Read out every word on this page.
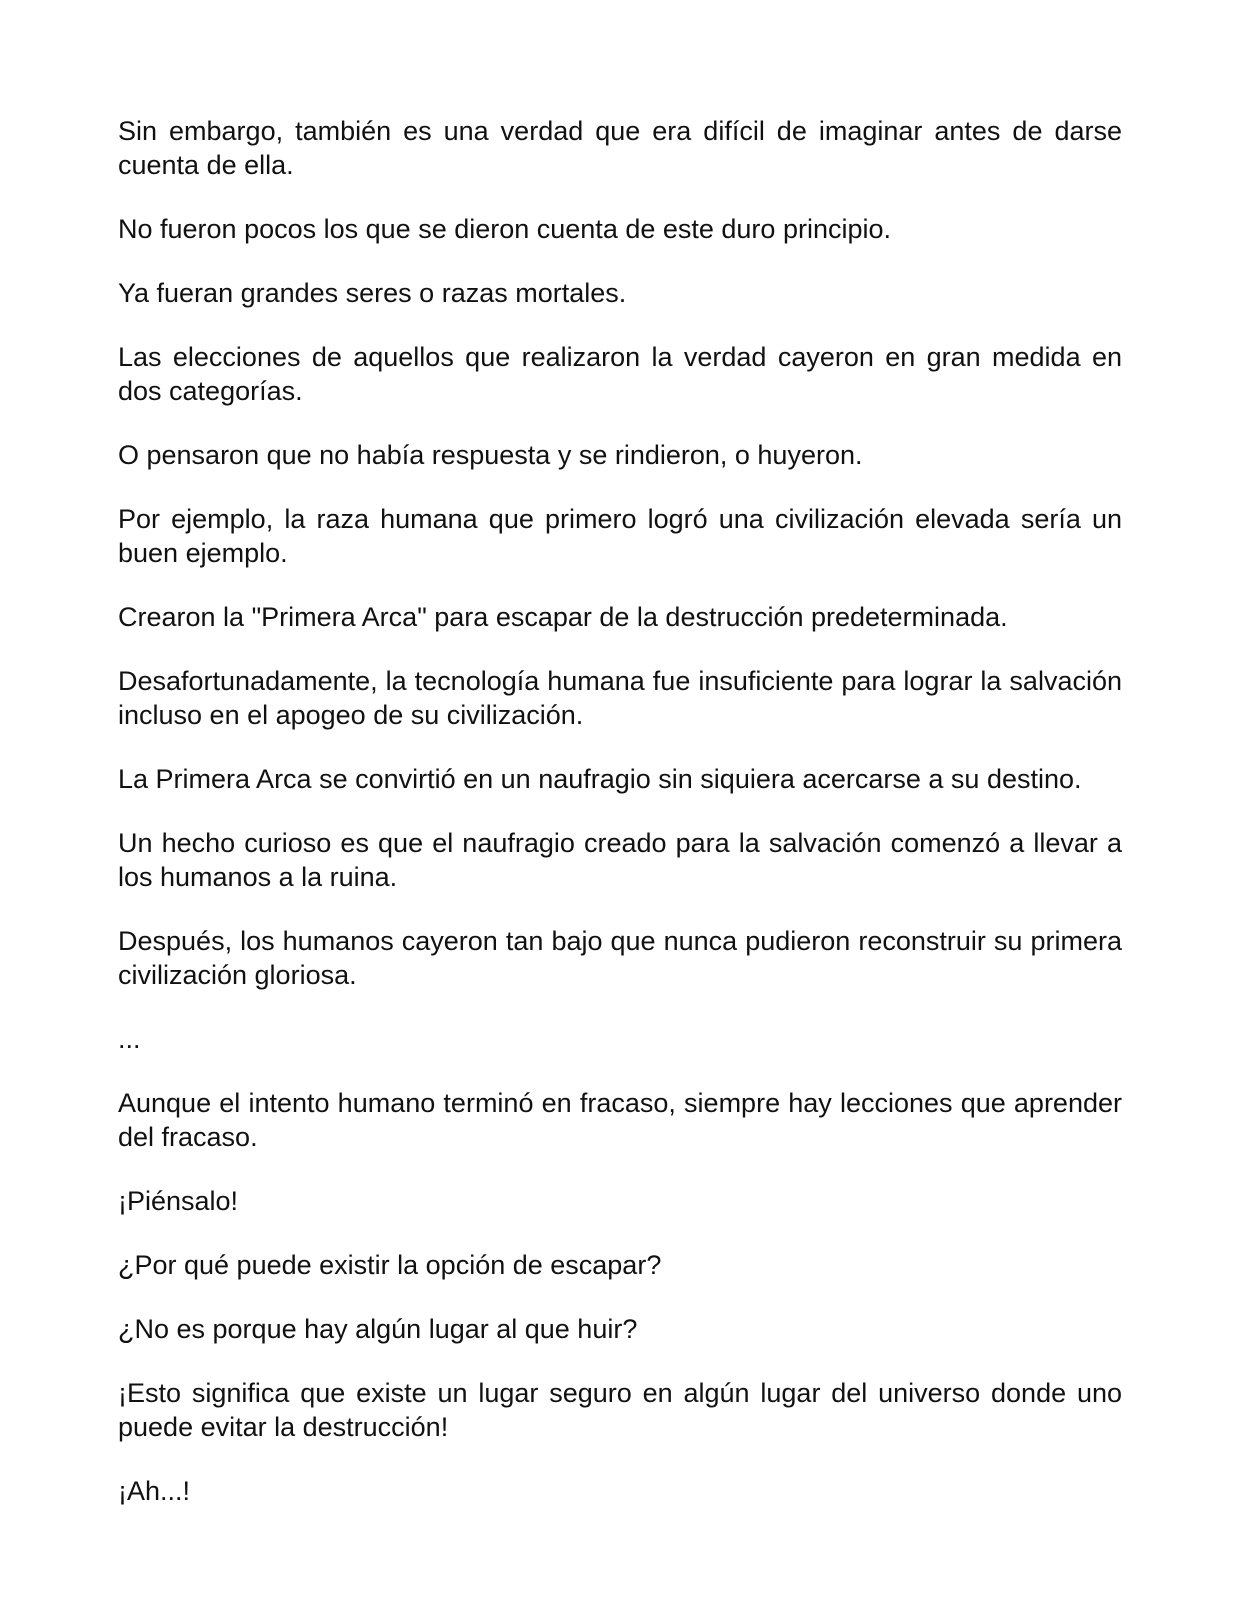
Sin embargo, también es una verdad que era difícil de imaginar antes de darse cuenta de ella.

No fueron pocos los que se dieron cuenta de este duro principio.

Ya fueran grandes seres o razas mortales.

Las elecciones de aquellos que realizaron la verdad cayeron en gran medida en dos categorías.

O pensaron que no había respuesta y se rindieron, o huyeron.

Por ejemplo, la raza humana que primero logró una civilización elevada sería un buen ejemplo.

Crearon la "Primera Arca" para escapar de la destrucción predeterminada.

Desafortunadamente, la tecnología humana fue insuficiente para lograr la salvación incluso en el apogeo de su civilización.

La Primera Arca se convirtió en un naufragio sin siquiera acercarse a su destino.

Un hecho curioso es que el naufragio creado para la salvación comenzó a llevar a los humanos a la ruina.

Después, los humanos cayeron tan bajo que nunca pudieron reconstruir su primera civilización gloriosa.

...

Aunque el intento humano terminó en fracaso, siempre hay lecciones que aprender del fracaso.

¡Piénsalo!

¿Por qué puede existir la opción de escapar?

¿No es porque hay algún lugar al que huir?

¡Esto significa que existe un lugar seguro en algún lugar del universo donde uno puede evitar la destrucción!

¡Ah...!
